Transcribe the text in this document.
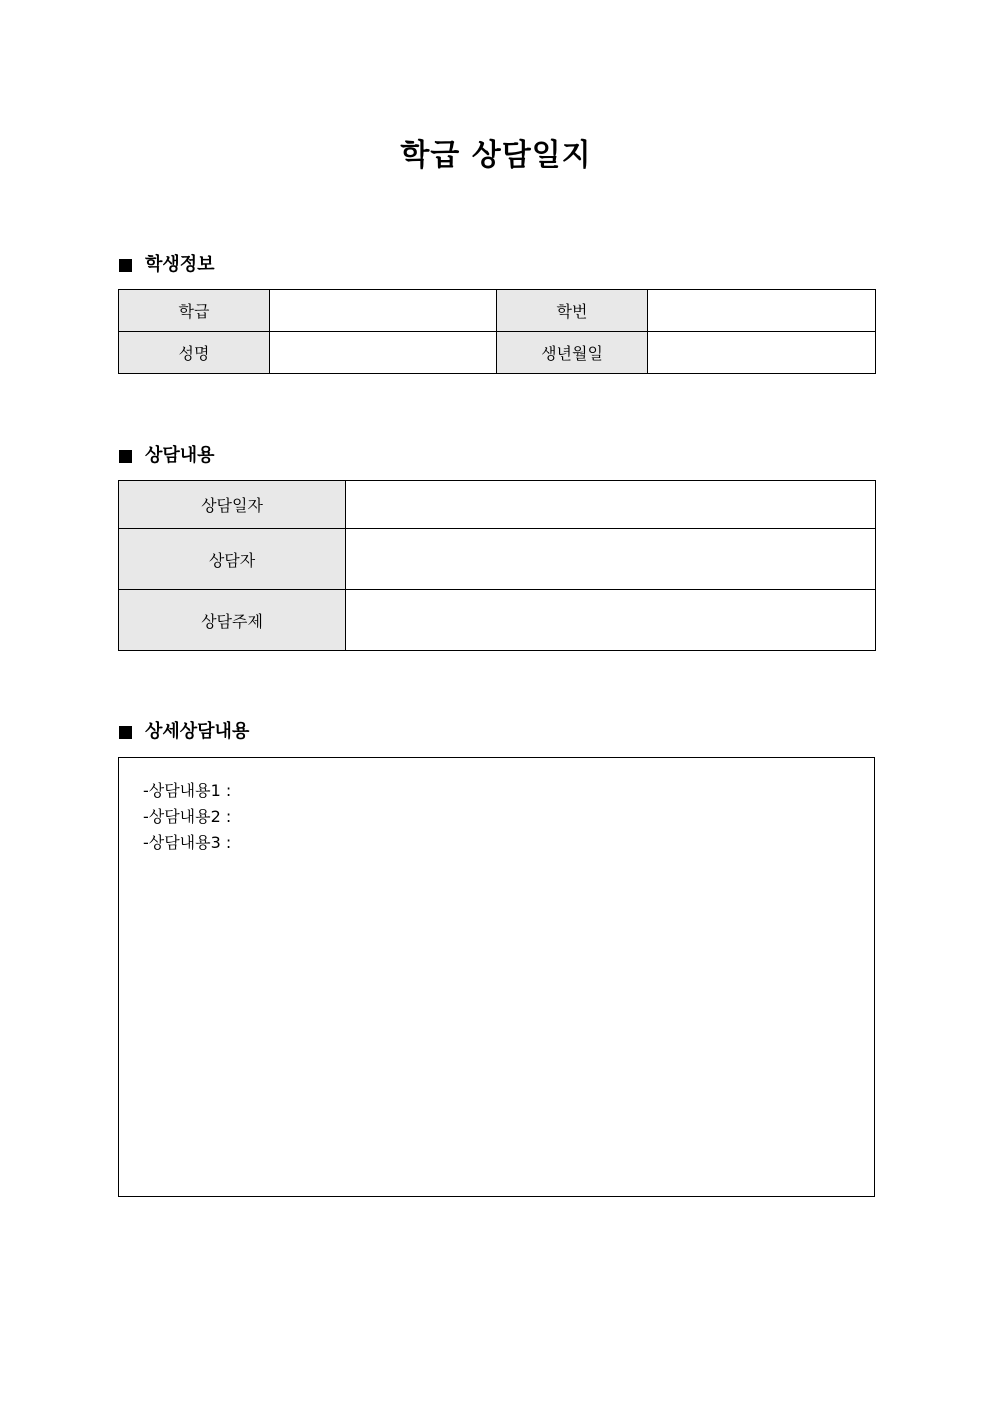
학급 상담일지
학생정보
학급		학번	
성명		생년월일	
상담내용
상담일자	
상담자	
상담주제	
상세상담내용
-상담내용1 :
-상담내용2 :
-상담내용3 :
